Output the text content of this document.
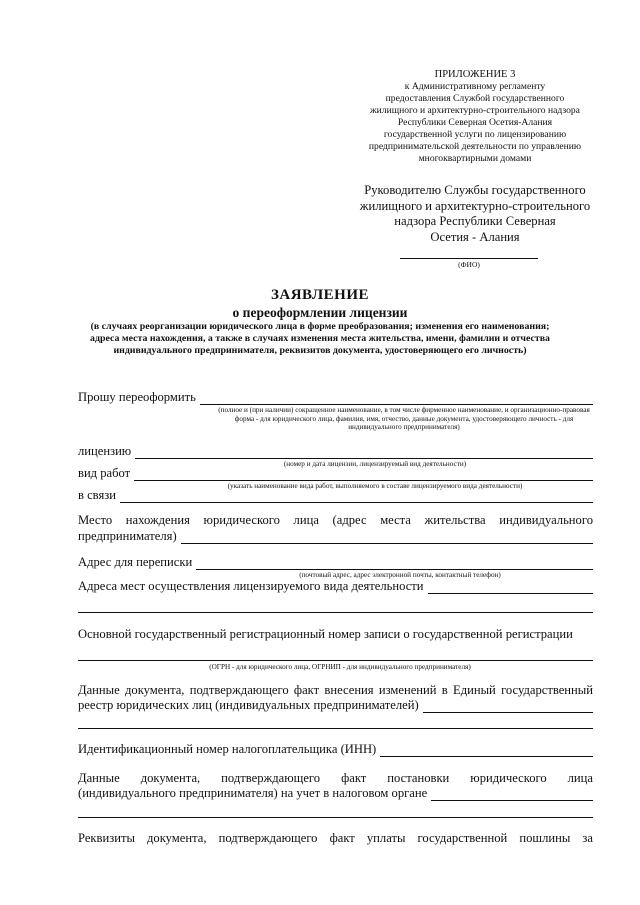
ПРИЛОЖЕНИЕ 3
к Административному регламенту
предоставления Службой государственного
жилищного и архитектурно-строительного надзора
Республики Северная Осетия-Алания
государственной услуги по лицензированию
предпринимательской деятельности по управлению
многоквартирными домами
Руководителю Службы государственного
жилищного и архитектурно-строительного
надзора Республики Северная
Осетия - Алания
(ФИО)
ЗАЯВЛЕНИЕ
о переоформлении лицензии
(в случаях реорганизации юридического лица в форме преобразования; изменения его наименования; адреса места нахождения, а также в случаях изменения места жительства, имени, фамилии и отчества индивидуального предпринимателя, реквизитов документа, удостоверяющего его личность)
Прошу переоформить
(полное и (при наличии) сокращенное наименование, в том числе фирменное наименование, и организационно-правовая форма - для юридического лица, фамилия, имя, отчество, данные документа, удостоверяющего личность - для индивидуального предпринимателя)
лицензию
(номер и дата лицензии, лицензируемый вид деятельности)
вид работ
(указать наименование вида работ, выполняемого в составе лицензируемого вида деятельности)
в связи
Место нахождения юридического лица (адрес места жительства индивидуального
предпринимателя)
Адрес для переписки
(почтовый адрес, адрес электронной почты, контактный телефон)
Адреса мест осуществления лицензируемого вида деятельности
Основной государственный регистрационный номер записи о государственной регистрации
(ОГРН - для юридического лица, ОГРНИП - для индивидуального предпринимателя)
Данные документа, подтверждающего факт внесения изменений в Единый государственный
реестр юридических лиц (индивидуальных предпринимателей)
Идентификационный номер налогоплательщика (ИНН)
Данные документа, подтверждающего факт постановки юридического лица
(индивидуального предпринимателя) на учет в налоговом органе
Реквизиты документа, подтверждающего факт уплаты государственной пошлины за
